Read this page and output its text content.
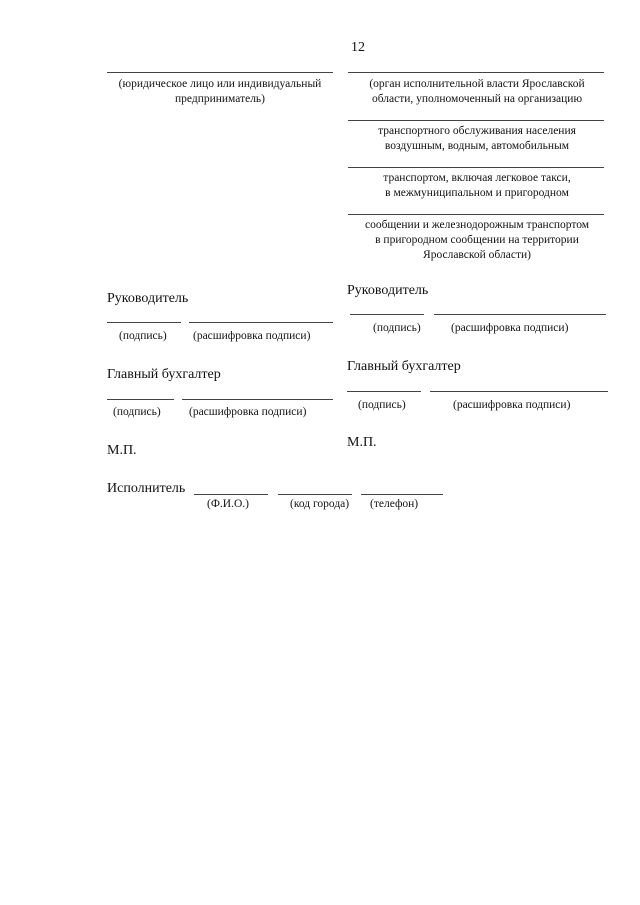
12
(юридическое лицо или индивидуальный
предприниматель)
Руководитель
(подпись) (расшифровка подписи)
Главный бухгалтер
(подпись) (расшифровка подписи)
М.П.
Исполнитель
(Ф.И.О.)	(код города) (телефон)
(орган исполнительной власти Ярославской
области, уполномоченный на организацию
транспортного обслуживания населения
воздушным, водным, автомобильным
транспортом, включая легковое такси,
в межмуниципальном и пригородном
сообщении и железнодорожным транспортом
в пригородном сообщении на территории
Ярославской области)
Руководитель
(подпись)	(расшифровка подписи)
Главный бухгалтер
(подпись)	(расшифровка подписи)
М.П.
